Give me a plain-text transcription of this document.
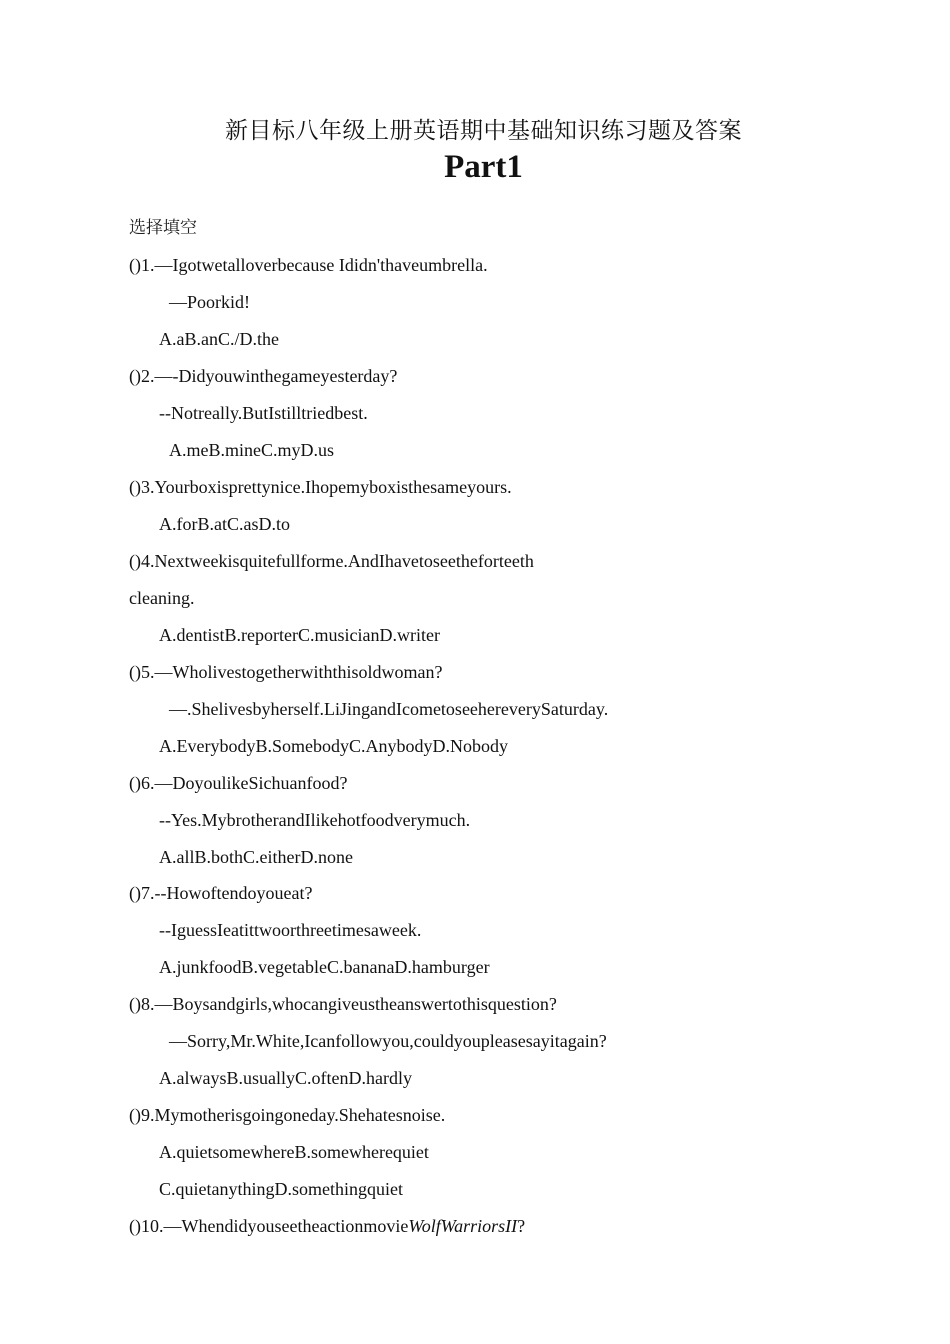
新目标八年级上册英语期中基础知识练习题及答案
Part1

选择填空

()1.—Igotwetalloverbecause Ididn'thaveumbrella.

—Poorkid!

A.aB.anC./D.the

()2.—-Didyouwinthegameyesterday?

--Notreally.ButIstilltriedbest.

A.meB.mineC.myD.us

()3.Yourboxisprettynice.Ihopemyboxisthesameyours.

A.forB.atC.asD.to

()4.Nextweekisquitefullforme.AndIhavetoseetheforteeth

cleaning.

A.dentistB.reporterC.musicianD.writer

()5.—Wholivestogetherwiththisoldwoman?

—.Shelivesbyherself.LiJingandIcometoseehereverySaturday.

A.EverybodyB.SomebodyC.AnybodyD.Nobody

()6.—DoyoulikeSichuanfood?

--Yes.MybrotherandIlikehotfoodverymuch.

A.allB.bothC.eitherD.none

()7.--Howoftendoyoueat?

--IguessIeatittwoorthreetimesaweek.

A.junkfoodB.vegetableC.bananaD.hamburger

()8.—Boysandgirls,whocangiveustheanswertothisquestion?

—Sorry,Mr.White,Icanfollowyou,couldyoupleasesayitagain?

A.alwaysB.usuallyC.oftenD.hardly

()9.Mymotherisgoingoneday.Shehatesnoise.

A.quietsomewhereB.somewherequiet

C.quietanythingD.somethingquiet

()10.—WhendidyouseetheactionmovieWolfWarriorsII?
